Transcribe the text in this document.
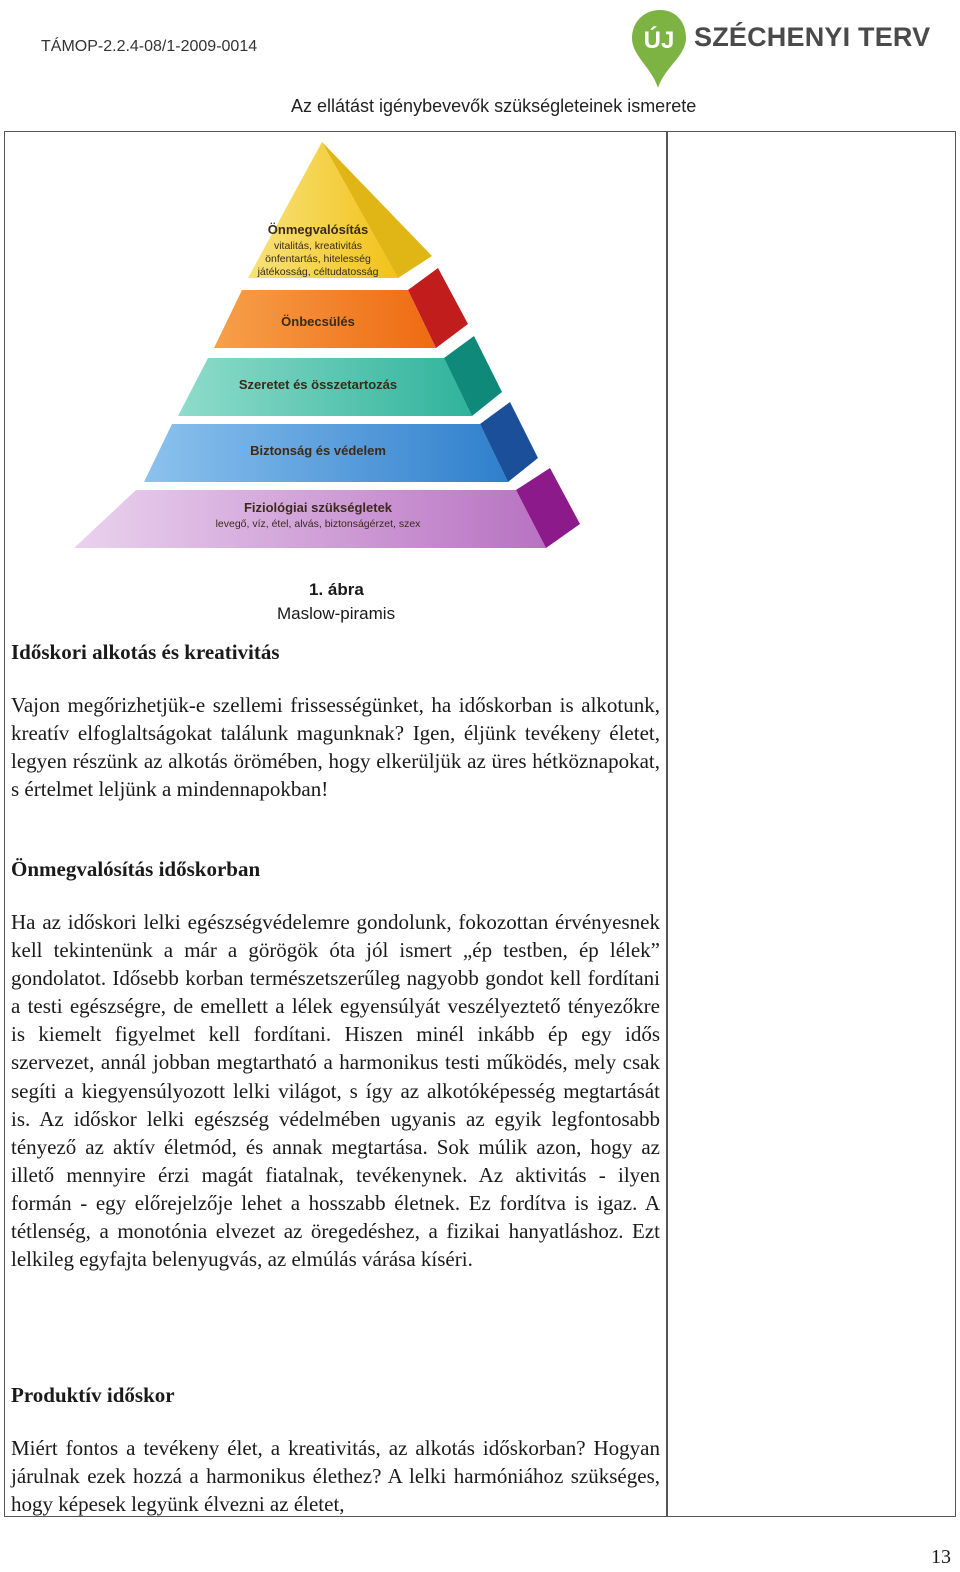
TÁMOP-2.2.4-08/1-2009-0014	ÚJ SZÉCHENYI TERV
Az ellátást igénybevevők szükségleteinek ismerete
Önmegvalósítás
vitalitás, kreativitás
önfentartás, hitelesség
játékosság, céltudatosság
Önbecsülés
Szeretet és összetartozás
Biztonság és védelem
Fiziológiai szükségletek
levegő, víz, étel, alvás, biztonságérzet, szex
1. ábra
Maslow-piramis
Időskori alkotás és kreativitás

Vajon megőrizhetjük-e szellemi frissességünket, ha időskorban is alkotunk, kreatív elfoglaltságokat találunk magunknak? Igen, éljünk tevékeny életet, legyen részünk az alkotás örömében, hogy elkerüljük az üres hétköznapokat, s értelmet leljünk a mindennapokban!

Önmegvalósítás időskorban

Ha az időskori lelki egészségvédelemre gondolunk, fokozottan érvényesnek kell tekintenünk a már a görögök óta jól ismert „ép testben, ép lélek” gondolatot. Idősebb korban természetszerűleg nagyobb gondot kell fordítani a testi egészségre, de emellett a lélek egyensúlyát veszélyeztető tényezőkre is kiemelt figyelmet kell fordítani. Hiszen minél inkább ép egy idős szervezet, annál jobban megtartható a harmonikus testi működés, mely csak segíti a kiegyensúlyozott lelki világot, s így az alkotóképesség megtartását is. Az időskor lelki egészség védelmében ugyanis az egyik legfontosabb tényező az aktív életmód, és annak megtartása. Sok múlik azon, hogy az illető mennyire érzi magát fiatalnak, tevékenynek. Az aktivitás - ilyen formán - egy előrejelzője lehet a hosszabb életnek. Ez fordítva is igaz. A tétlenség, a monotónia elvezet az öregedéshez, a fizikai hanyatláshoz. Ezt lelkileg egyfajta belenyugvás, az elmúlás várása kíséri.

Produktív időskor

Miért fontos a tevékeny élet, a kreativitás, az alkotás időskorban? Hogyan járulnak ezek hozzá a harmonikus élethez? A lelki harmóniához szükséges, hogy képesek legyünk élvezni az életet,

13
